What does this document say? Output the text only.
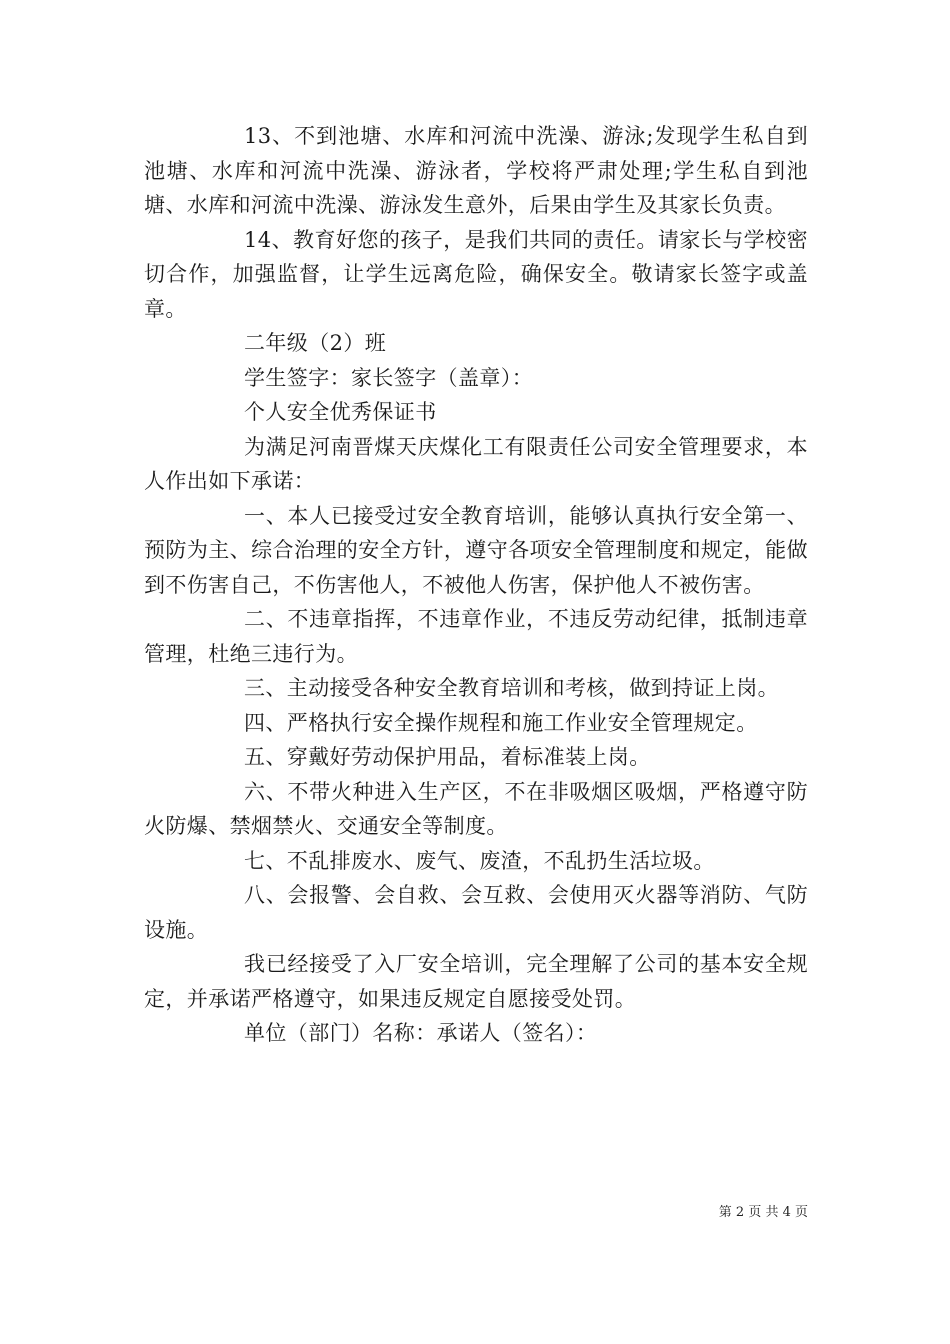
13、不到池塘、水库和河流中洗澡、游泳;发现学生私自到池塘、水库和河流中洗澡、游泳者，学校将严肃处理;学生私自到池塘、水库和河流中洗澡、游泳发生意外，后果由学生及其家长负责。

14、教育好您的孩子，是我们共同的责任。请家长与学校密切合作，加强监督，让学生远离危险，确保安全。敬请家长签字或盖章。

二年级（2）班

学生签字：家长签字（盖章）：

个人安全优秀保证书

为满足河南晋煤天庆煤化工有限责任公司安全管理要求，本人作出如下承诺：

一、本人已接受过安全教育培训，能够认真执行安全第一、预防为主、综合治理的安全方针，遵守各项安全管理制度和规定，能做到不伤害自己，不伤害他人，不被他人伤害，保护他人不被伤害。

二、不违章指挥，不违章作业，不违反劳动纪律，抵制违章管理，杜绝三违行为。

三、主动接受各种安全教育培训和考核，做到持证上岗。

四、严格执行安全操作规程和施工作业安全管理规定。

五、穿戴好劳动保护用品，着标准装上岗。

六、不带火种进入生产区，不在非吸烟区吸烟，严格遵守防火防爆、禁烟禁火、交通安全等制度。

七、不乱排废水、废气、废渣，不乱扔生活垃圾。

八、会报警、会自救、会互救、会使用灭火器等消防、气防设施。

我已经接受了入厂安全培训，完全理解了公司的基本安全规定，并承诺严格遵守，如果违反规定自愿接受处罚。

单位（部门）名称：承诺人（签名）：

第 2 页 共 4 页
